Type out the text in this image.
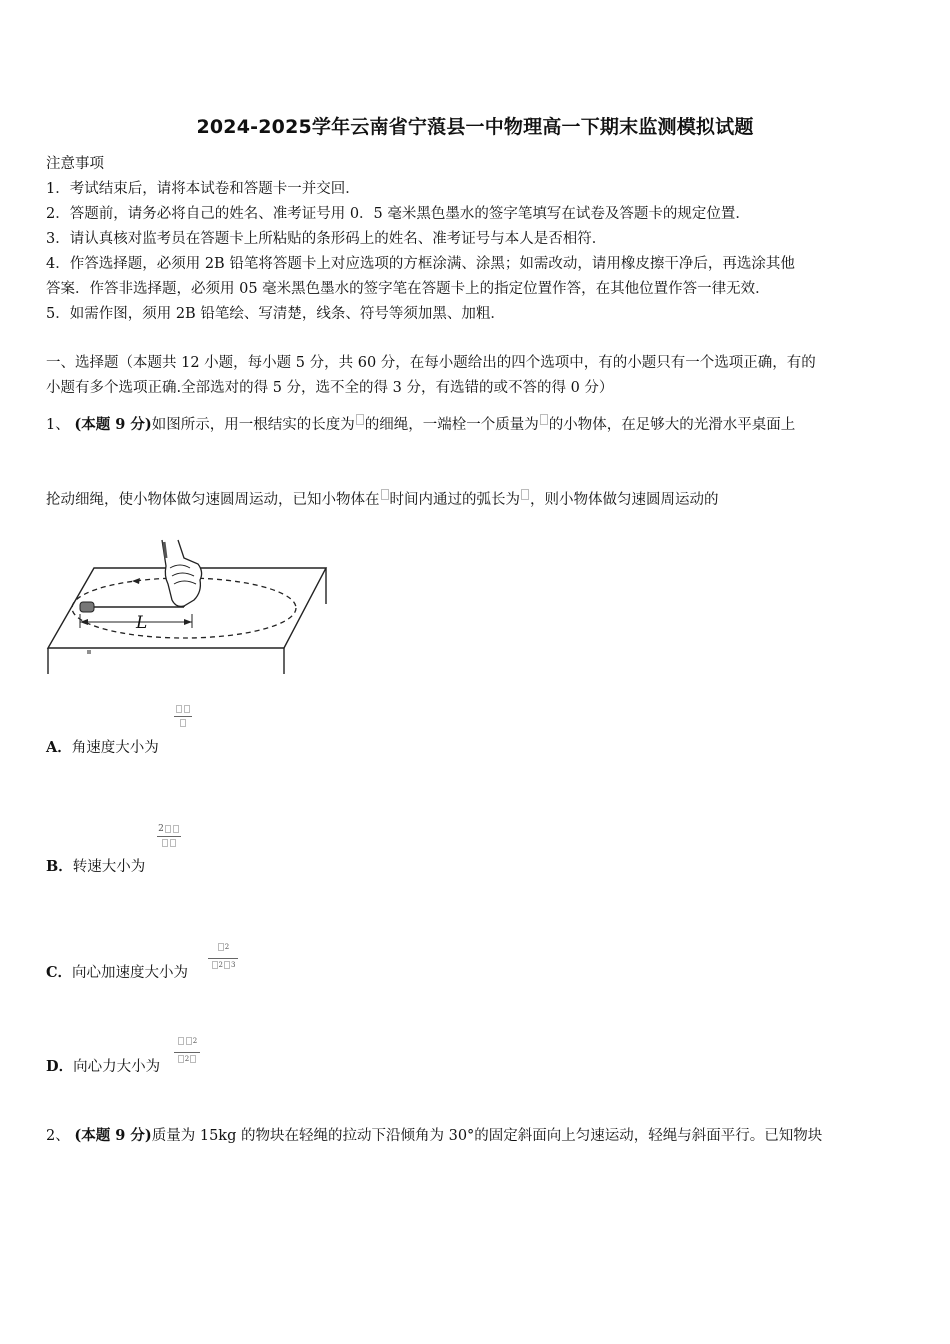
2024-2025学年云南省宁蒗县一中物理高一下期末监测模拟试题
注意事项
1．考试结束后，请将本试卷和答题卡一并交回．
2．答题前，请务必将自己的姓名、准考证号用 0．5 毫米黑色墨水的签字笔填写在试卷及答题卡的规定位置．
3．请认真核对监考员在答题卡上所粘贴的条形码上的姓名、准考证号与本人是否相符．
4．作答选择题，必须用 2B 铅笔将答题卡上对应选项的方框涂满、涂黑；如需改动，请用橡皮擦干净后，再选涂其他
答案．作答非选择题，必须用 05 毫米黑色墨水的签字笔在答题卡上的指定位置作答，在其他位置作答一律无效．
5．如需作图，须用 2B 铅笔绘、写清楚，线条、符号等须加黑、加粗．
一、选择题（本题共 12 小题，每小题 5 分，共 60 分，在每小题给出的四个选项中，有的小题只有一个选项正确，有的
小题有多个选项正确.全部选对的得 5 分，选不全的得 3 分，有选错的或不答的得 0 分）
1、 (本题 9 分)如图所示，用一根结实的长度为 的细绳，一端栓一个质量为 的小物体，在足够大的光滑水平桌面上
抡动细绳，使小物体做匀速圆周运动，已知小物体在 时间内通过的弧长为 ，则小物体做匀速圆周运动的
L
A．角速度大小为
2
B．转速大小为
$^2$
$^2$ $^3$
C．向心加速度大小为
$^2$
$^2$
D．向心力大小为
2、 (本题 9 分)质量为 15kg 的物块在轻绳的拉动下沿倾角为 30°的固定斜面向上匀速运动，轻绳与斜面平行。已知物块
